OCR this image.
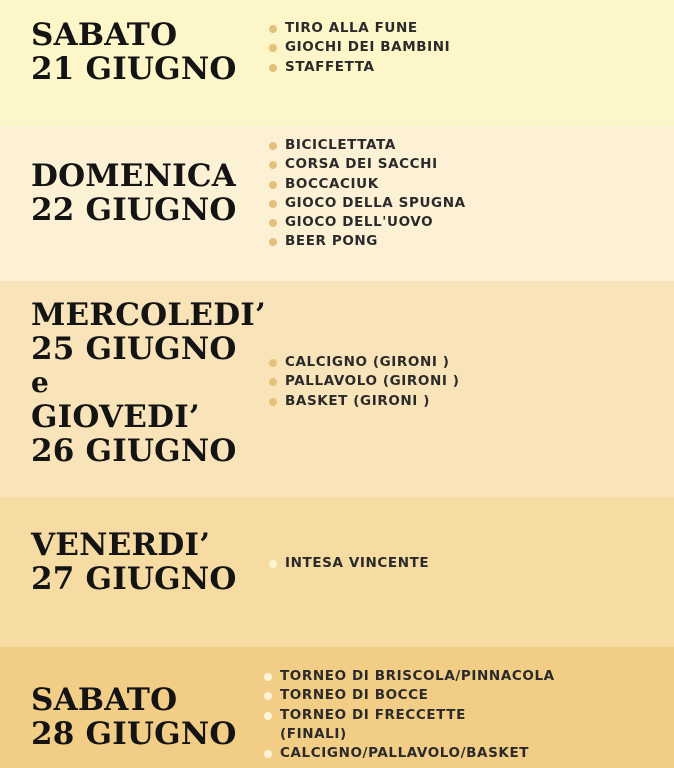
SABATO
21 GIUGNO
TIRO ALLA FUNE
GIOCHI DEI BAMBINI
STAFFETTA
DOMENICA
22 GIUGNO
BICICLETTATA
CORSA DEI SACCHI
BOCCACIUK
GIOCO DELLA SPUGNA
GIOCO DELL'UOVO
BEER PONG
MERCOLEDI’
25 GIUGNO
e
GIOVEDI’
26 GIUGNO
CALCIGNO (GIRONI )
PALLAVOLO (GIRONI )
BASKET (GIRONI )
VENERDI’
27 GIUGNO	INTESA VINCENTE
SABATO
28 GIUGNO
TORNEO DI BRISCOLA/PINNACOLA
TORNEO DI BOCCE
TORNEO DI FRECCETTE
(FINALI)
CALCIGNO/PALLAVOLO/BASKET
